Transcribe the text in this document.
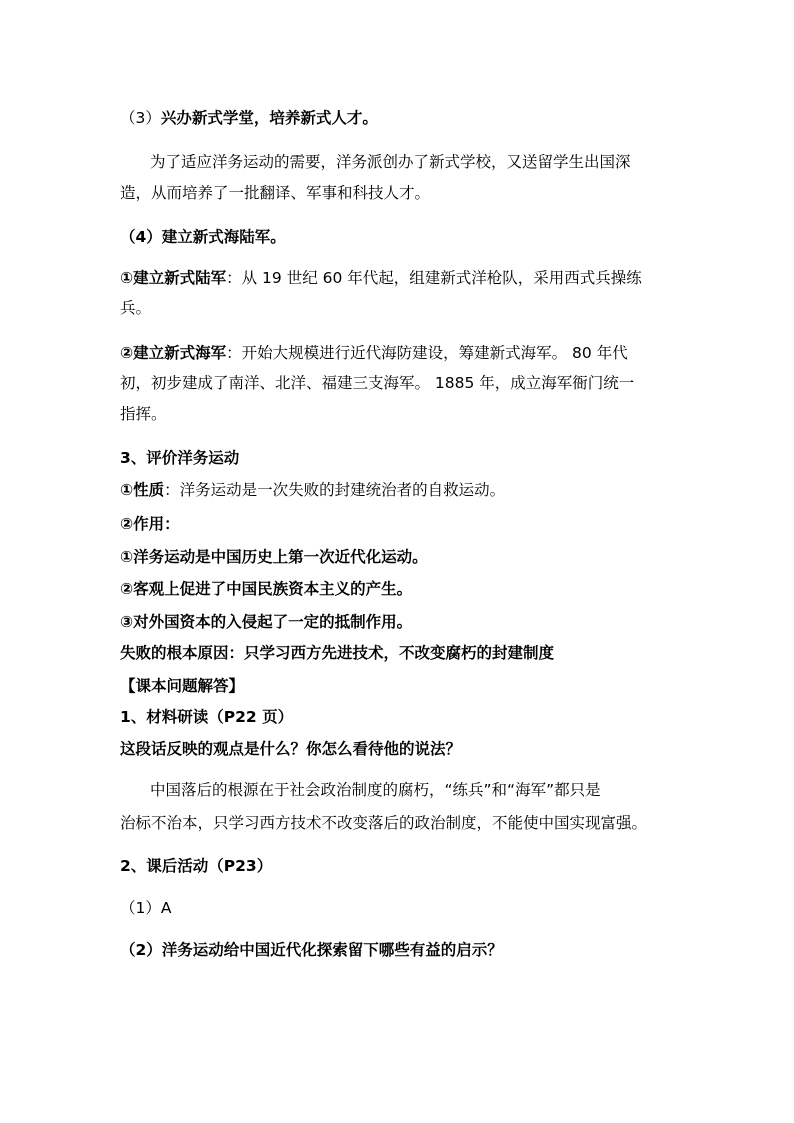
（3）兴办新式学堂，培养新式人才。
为了适应洋务运动的需要，洋务派创办了新式学校，又送留学生出国深
造，从而培养了一批翻译、军事和科技人才。
（4）建立新式海陆军。
①建立新式陆军：从 19 世纪 60 年代起，组建新式洋枪队，采用西式兵操练
兵。
②建立新式海军：开始大规模进行近代海防建设，筹建新式海军。 80 年代
初，初步建成了南洋、北洋、福建三支海军。 1885 年，成立海军衙门统一
指挥。
3、评价洋务运动
①性质：洋务运动是一次失败的封建统治者的自救运动。
②作用：
①洋务运动是中国历史上第一次近代化运动。
②客观上促进了中国民族资本主义的产生。
③对外国资本的入侵起了一定的抵制作用。
失败的根本原因：只学习西方先进技术，不改变腐朽的封建制度
【课本问题解答】
1、材料研读（P22 页）
这段话反映的观点是什么？你怎么看待他的说法？
中国落后的根源在于社会政治制度的腐朽，“练兵”和“海军”都只是
治标不治本，只学习西方技术不改变落后的政治制度，不能使中国实现富强。
2、课后活动（P23）
（1）A
（2）洋务运动给中国近代化探索留下哪些有益的启示？
